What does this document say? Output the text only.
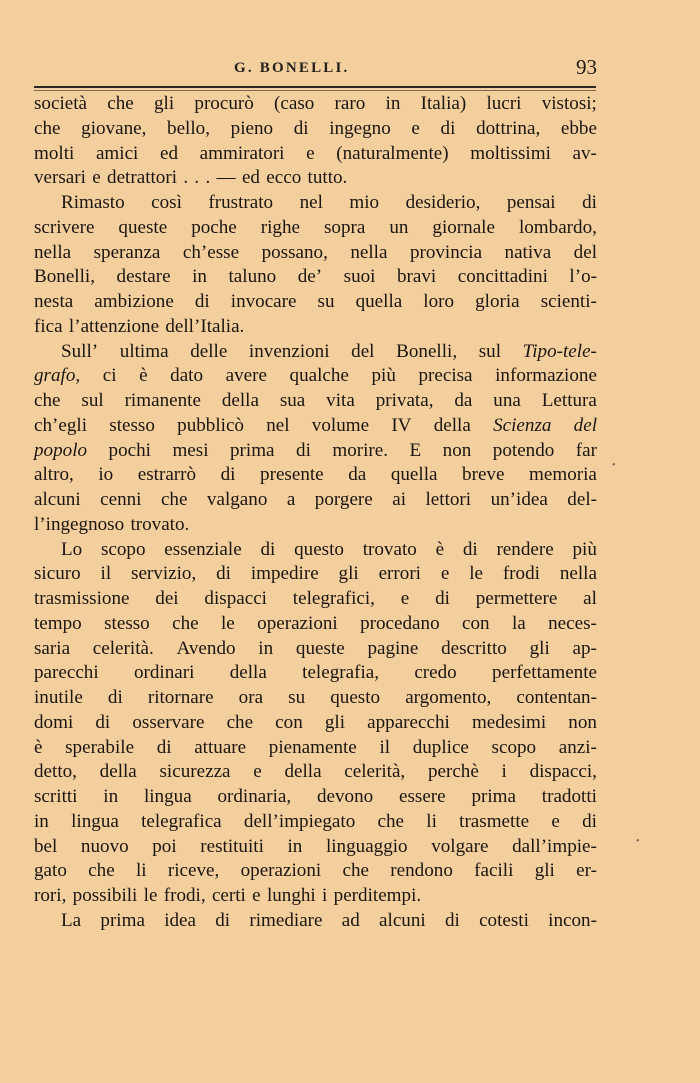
G. BONELLI.	93
società che gli procurò (caso raro in Italia) lucri vistosi;
che giovane, bello, pieno di ingegno e di dottrina, ebbe
molti amici ed ammiratori e (naturalmente) moltissimi av-
versari e detrattori . . . — ed ecco tutto.
Rimasto così frustrato nel mio desiderio, pensai di
scrivere queste poche righe sopra un giornale lombardo,
nella speranza ch’esse possano, nella provincia nativa del
Bonelli, destare in taluno de’ suoi bravi concittadini l’o-
nesta ambizione di invocare su quella loro gloria scienti-
fica l’attenzione dell’Italia.
Sull’ ultima delle invenzioni del Bonelli, sul Tipo-tele-
grafo, ci è dato avere qualche più precisa informazione
che sul rimanente della sua vita privata, da una Lettura
ch’egli stesso pubblicò nel volume IV della Scienza del
popolo pochi mesi prima di morire. E non potendo far
altro, io estrarrò di presente da quella breve memoria
alcuni cenni che valgano a porgere ai lettori un’idea del-
l’ingegnoso trovato.
Lo scopo essenziale di questo trovato è di rendere più
sicuro il servizio, di impedire gli errori e le frodi nella
trasmissione dei dispacci telegrafici, e di permettere al
tempo stesso che le operazioni procedano con la neces-
saria celerità. Avendo in queste pagine descritto gli ap-
parecchi ordinari della telegrafia, credo perfettamente
inutile di ritornare ora su questo argomento, contentan-
domi di osservare che con gli apparecchi medesimi non
è sperabile di attuare pienamente il duplice scopo anzi-
detto, della sicurezza e della celerità, perchè i dispacci,
scritti in lingua ordinaria, devono essere prima tradotti
in lingua telegrafica dell’impiegato che li trasmette e di
bel nuovo poi restituiti in linguaggio volgare dall’impie-
gato che li riceve, operazioni che rendono facili gli er-
rori, possibili le frodi, certi e lunghi i perditempi.
La prima idea di rimediare ad alcuni di cotesti incon-
•
•
